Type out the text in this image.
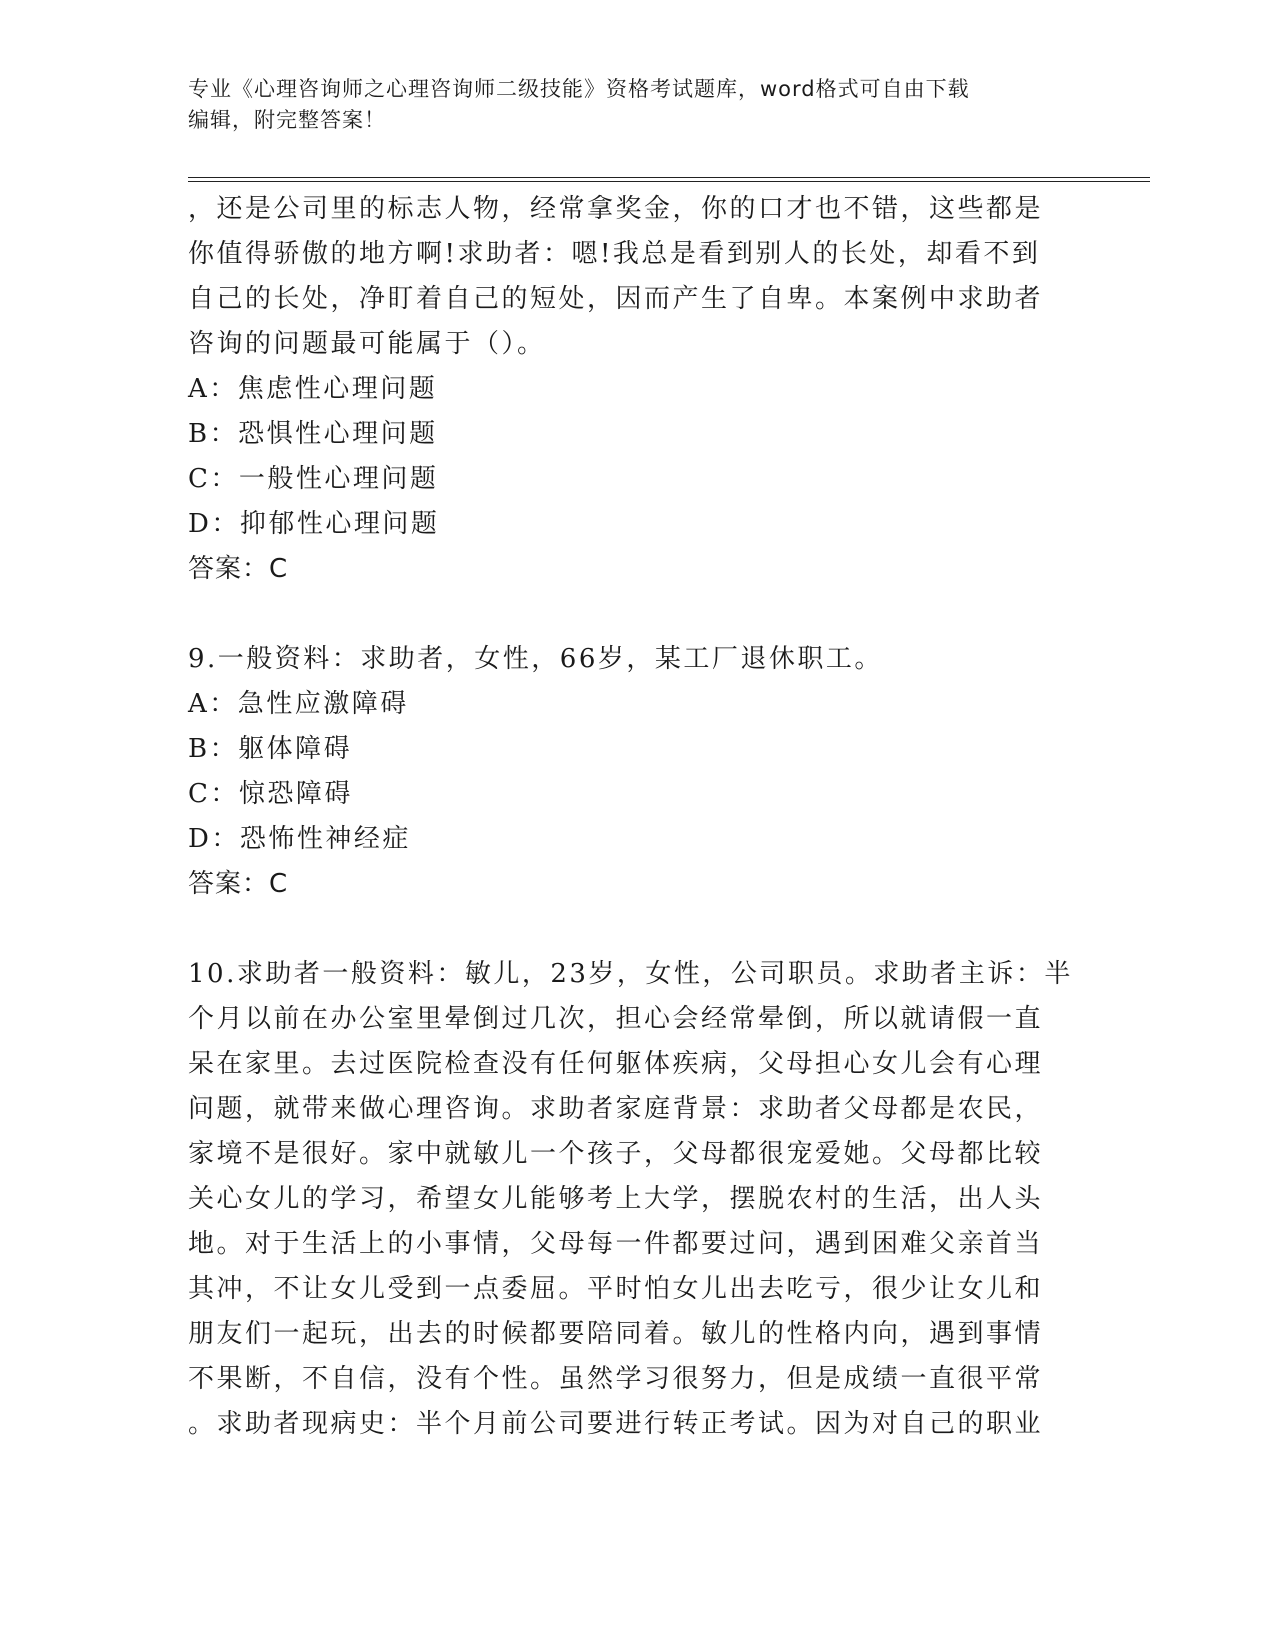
专业《心理咨询师之心理咨询师二级技能》资格考试题库，word格式可自由下载
编辑，附完整答案！

，还是公司里的标志人物，经常拿奖金，你的口才也不错，这些都是

你值得骄傲的地方啊!求助者：嗯!我总是看到别人的长处，却看不到

自己的长处，净盯着自己的短处，因而产生了自卑。本案例中求助者

咨询的问题最可能属于（）。

A：焦虑性心理问题

B：恐惧性心理问题

C：一般性心理问题

D：抑郁性心理问题

答案：C

9.一般资料：求助者，女性，66岁，某工厂退休职工。

A：急性应激障碍

B：躯体障碍

C：惊恐障碍

D：恐怖性神经症

答案：C

10.求助者一般资料：敏儿，23岁，女性，公司职员。求助者主诉：半

个月以前在办公室里晕倒过几次，担心会经常晕倒，所以就请假一直

呆在家里。去过医院检查没有任何躯体疾病，父母担心女儿会有心理

问题，就带来做心理咨询。求助者家庭背景：求助者父母都是农民，

家境不是很好。家中就敏儿一个孩子，父母都很宠爱她。父母都比较

关心女儿的学习，希望女儿能够考上大学，摆脱农村的生活，出人头

地。对于生活上的小事情，父母每一件都要过问，遇到困难父亲首当

其冲，不让女儿受到一点委屈。平时怕女儿出去吃亏，很少让女儿和

朋友们一起玩，出去的时候都要陪同着。敏儿的性格内向，遇到事情

不果断，不自信，没有个性。虽然学习很努力，但是成绩一直很平常

。求助者现病史：半个月前公司要进行转正考试。因为对自己的职业
